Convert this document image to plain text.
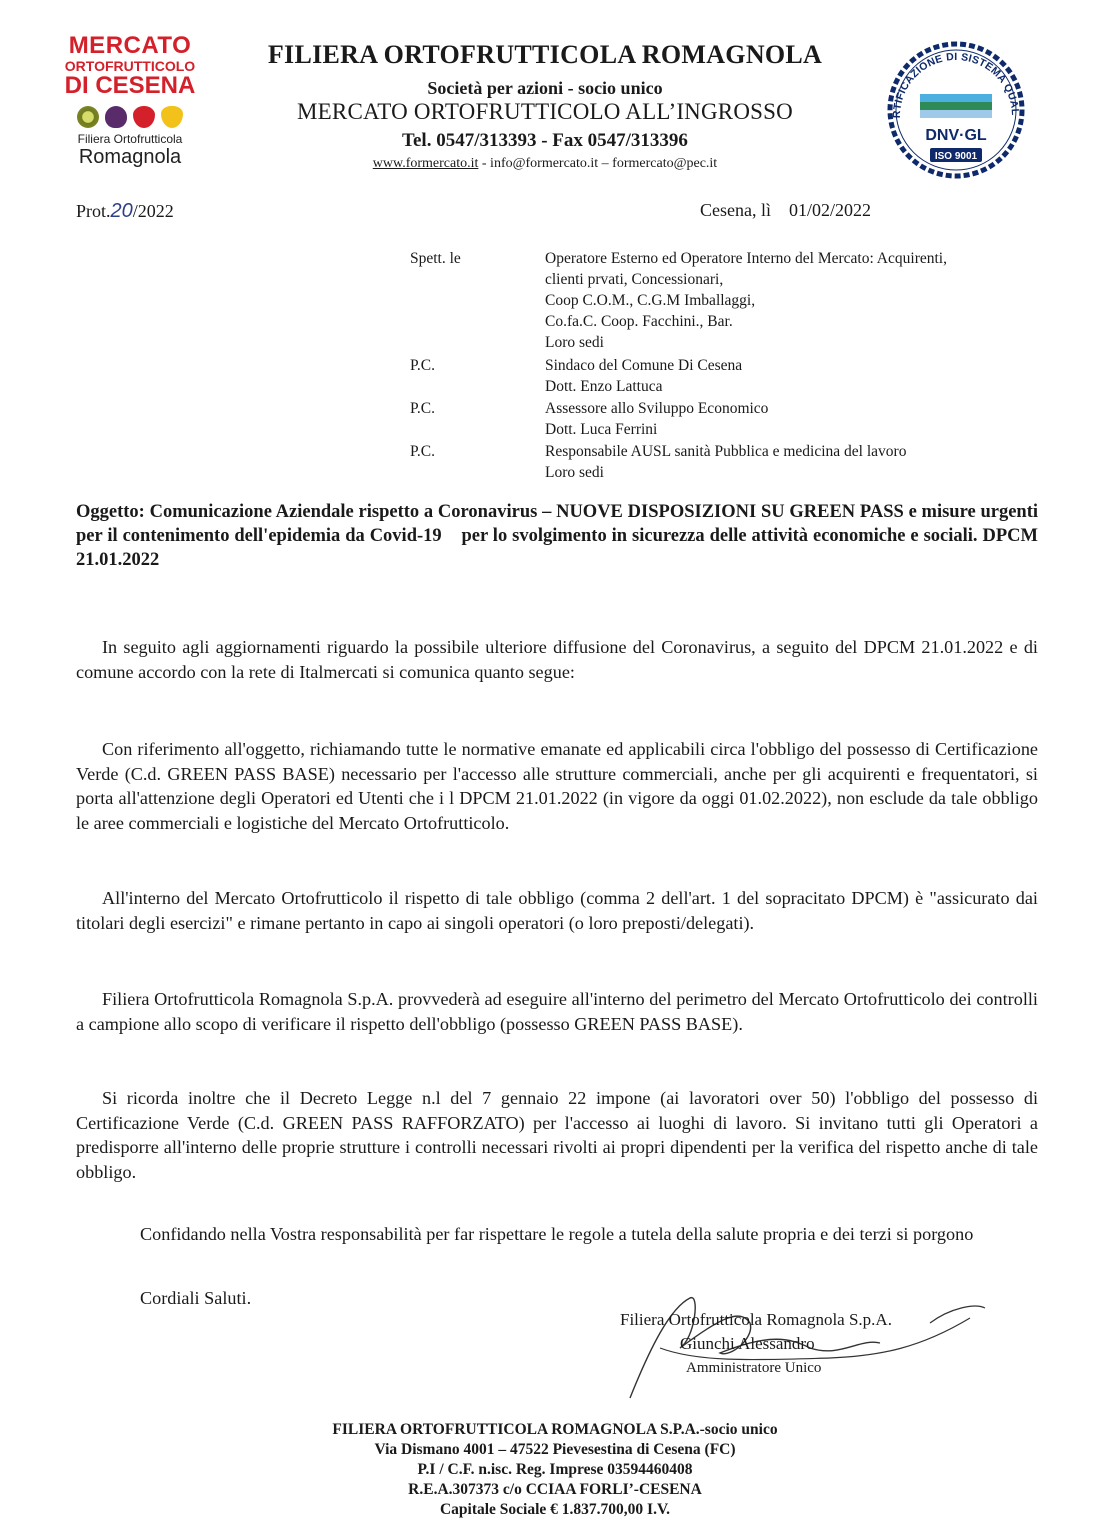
MERCATO
ORTOFRUTTICOLO
DI CESENA
Filiera Ortofrutticola
Romagnola
FILIERA ORTOFRUTTICOLA ROMAGNOLA
Società per azioni - socio unico
MERCATO ORTOFRUTTICOLO ALL’INGROSSO
Tel. 0547/313393 - Fax 0547/313396
www.formercato.it - info@formercato.it – formercato@pec.it
RTIFICAZIONE DI SISTEMA QUAL
DNV·GL
ISO 9001
Prot.20/2022	Cesena, lì    01/02/2022
Spett. le	Operatore Esterno ed Operatore Interno del Mercato: Acquirenti,
clienti prvati, Concessionari,
Coop C.O.M., C.G.M Imballaggi,
Co.fa.C. Coop. Facchini., Bar.
Loro sedi
P.C.	Sindaco del Comune Di Cesena
Dott. Enzo Lattuca
P.C.	Assessore allo Sviluppo Economico
Dott. Luca Ferrini
P.C.	Responsabile AUSL sanità Pubblica e medicina del lavoro
Loro sedi
Oggetto: Comunicazione Aziendale rispetto a Coronavirus – NUOVE DISPOSIZIONI SU GREEN PASS e misure urgenti per il contenimento dell'epidemia da Covid-19    per lo svolgimento in sicurezza delle attività economiche e sociali. DPCM 21.01.2022

In seguito agli aggiornamenti riguardo la possibile ulteriore diffusione del Coronavirus, a seguito del DPCM 21.01.2022 e di comune accordo con la rete di Italmercati si comunica quanto segue:

Con riferimento all'oggetto, richiamando tutte le normative emanate ed applicabili circa l'obbligo del possesso di Certificazione Verde (C.d. GREEN PASS BASE) necessario per l'accesso alle strutture commerciali, anche per gli acquirenti e frequentatori, si porta all'attenzione degli Operatori ed Utenti che i l DPCM 21.01.2022 (in vigore da oggi 01.02.2022), non esclude da tale obbligo le aree commerciali e logistiche del Mercato Ortofrutticolo.

All'interno del Mercato Ortofrutticolo il rispetto di tale obbligo (comma 2 dell'art. 1 del sopracitato DPCM) è "assicurato dai titolari degli esercizi" e rimane pertanto in capo ai singoli operatori (o loro preposti/delegati).

Filiera Ortofrutticola Romagnola S.p.A. provvederà ad eseguire all'interno del perimetro del Mercato Ortofrutticolo dei controlli a campione allo scopo di verificare il rispetto dell'obbligo (possesso GREEN PASS BASE).

Si ricorda inoltre che il Decreto Legge n.l del 7 gennaio 22 impone (ai lavoratori over 50) l'obbligo del possesso di Certificazione Verde (C.d. GREEN PASS RAFFORZATO) per l'accesso ai luoghi di lavoro. Si invitano tutti gli Operatori a predisporre all'interno delle proprie strutture i controlli necessari rivolti ai propri dipendenti per la verifica del rispetto anche di tale obbligo.

Confidando nella Vostra responsabilità per far rispettare le regole a tutela della salute propria e dei terzi si porgono

Cordiali Saluti.
Filiera Ortofrutticola Romagnola S.p.A.
Giunchi Alessandro
Amministratore Unico
FILIERA ORTOFRUTTICOLA ROMAGNOLA S.P.A.-socio unico
Via Dismano 4001 – 47522 Pievesestina di Cesena (FC)
P.I / C.F. n.isc. Reg. Imprese 03594460408
R.E.A.307373 c/o CCIAA FORLI’-CESENA
Capitale Sociale € 1.837.700,00 I.V.
